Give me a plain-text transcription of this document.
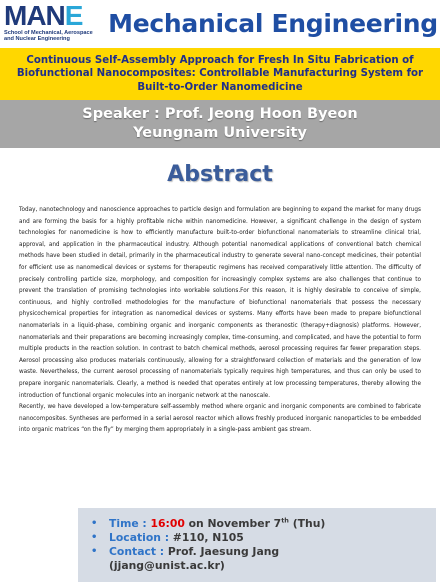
MANE
School of Mechanical, Aerospace
and Nuclear Engineering
Mechanical Engineering
Continuous Self-Assembly Approach for Fresh In Situ Fabrication of Biofunctional Nanocomposites: Controllable Manufacturing System for Built-to-Order Nanomedicine
Speaker : Prof. Jeong Hoon Byeon
Yeungnam University
Abstract

Today, nanotechnology and nanoscience approaches to particle design and formulation are beginning to expand the market for many drugs and are forming the basis for a highly profitable niche within nanomedicine. However, a significant challenge in the design of system technologies for nanomedicine is how to efficiently manufacture built-to-order biofunctional nanomaterials to streamline clinical trial, approval, and application in the pharmaceutical industry. Although potential nanomedical applications of conventional batch chemical methods have been studied in detail, primarily in the pharmaceutical industry to generate several nano-concept medicines, their potential for efficient use as nanomedical devices or systems for therapeutic regimens has received comparatively little attention. The difficulty of precisely controlling particle size, morphology, and composition for increasingly complex systems are also challenges that continue to prevent the translation of promising technologies into workable solutions.For this reason, it is highly desirable to conceive of simple, continuous, and highly controlled methodologies for the manufacture of biofunctional nanomaterials that possess the necessary physicochemical properties for integration as nanomedical devices or systems. Many efforts have been made to prepare biofunctional nanomaterials in a liquid-phase, combining organic and inorganic components as theranostic (therapy+diagnosis) platforms. However, nanomaterials and their preparations are becoming increasingly complex, time-consuming, and complicated, and have the potential to form multiple products in the reaction solution. In contrast to batch chemical methods, aerosol processing requires far fewer preparation steps. Aerosol processing also produces materials continuously, allowing for a straightforward collection of materials and the generation of low waste. Nevertheless, the current aerosol processing of nanomaterials typically requires high temperatures, and thus can only be used to prepare inorganic nanomaterials. Clearly, a method is needed that operates entirely at low processing temperatures, thereby allowing the introduction of functional organic molecules into an inorganic network at the nanoscale.

Recently, we have developed a low-temperature self-assembly method where organic and inorganic components are combined to fabricate nanocomposites. Syntheses are performed in a serial aerosol reactor which allows freshly produced inorganic nanoparticles to be embedded into organic matrices “on the fly” by merging them appropriately in a single-pass ambient gas stream.

• Time : 16:00 on November 7th (Thu)
• Location : #110, N105
• Contact : Prof. Jaesung Jang
(jjang@unist.ac.kr)
